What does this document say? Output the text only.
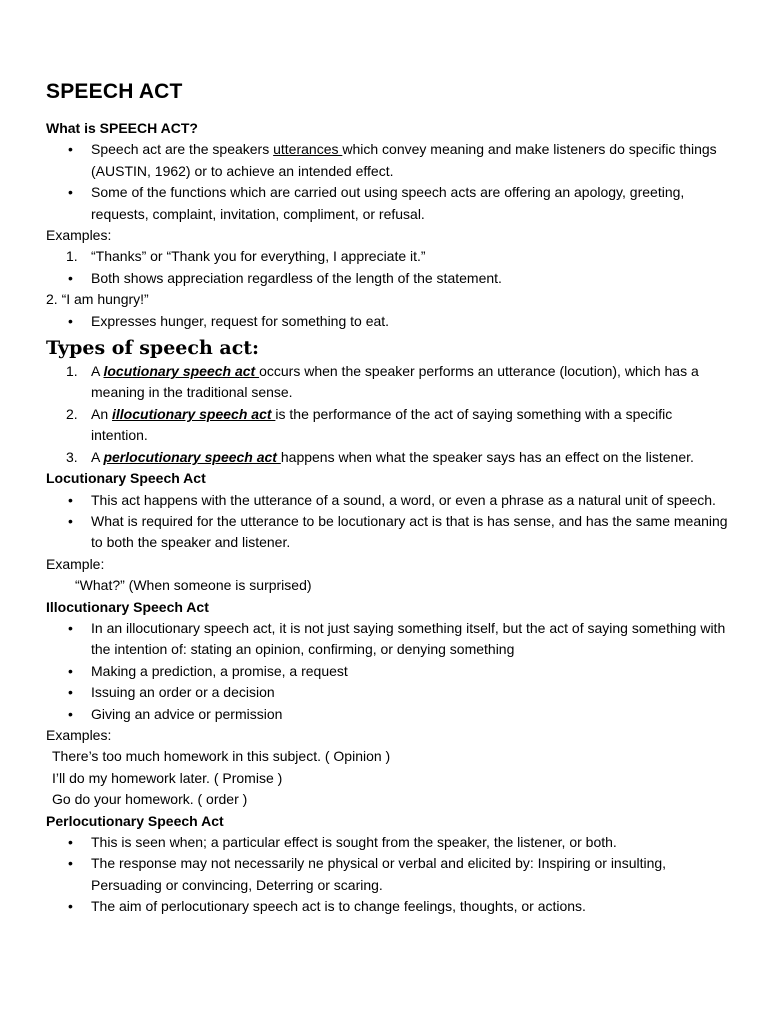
SPEECH ACT

What is SPEECH ACT?

• Speech act are the speakers utterances which convey meaning and make listeners do specific things (AUSTIN, 1962) or to achieve an intended effect.
• Some of the functions which are carried out using speech acts are offering an apology, greeting, requests, complaint, invitation, compliment, or refusal.

Examples:

1. “Thanks” or “Thank you for everything, I appreciate it.”
• Both shows appreciation regardless of the length of the statement.

2. “I am hungry!”

• Expresses hunger, request for something to eat.
Types of speech act:
1. A locutionary speech act occurs when the speaker performs an utterance (locution), which has a meaning in the traditional sense.
2. An illocutionary speech act is the performance of the act of saying something with a specific intention.
3. A perlocutionary speech act happens when what the speaker says has an effect on the listener.

Locutionary Speech Act

• This act happens with the utterance of a sound, a word, or even a phrase as a natural unit of speech.
• What is required for the utterance to be locutionary act is that is has sense, and has the same meaning to both the speaker and listener.

Example:

“What?” (When someone is surprised)

Illocutionary Speech Act

• In an illocutionary speech act, it is not just saying something itself, but the act of saying something with the intention of: stating an opinion, confirming, or denying something
• Making a prediction, a promise, a request
• Issuing an order or a decision
• Giving an advice or permission

Examples:

There’s too much homework in this subject. ( Opinion )

I’ll do my homework later. ( Promise )

Go do your homework. ( order )

Perlocutionary Speech Act

• This is seen when; a particular effect is sought from the speaker, the listener, or both.
• The response may not necessarily ne physical or verbal and elicited by: Inspiring or insulting, Persuading or convincing, Deterring or scaring.
• The aim of perlocutionary speech act is to change feelings, thoughts, or actions.
